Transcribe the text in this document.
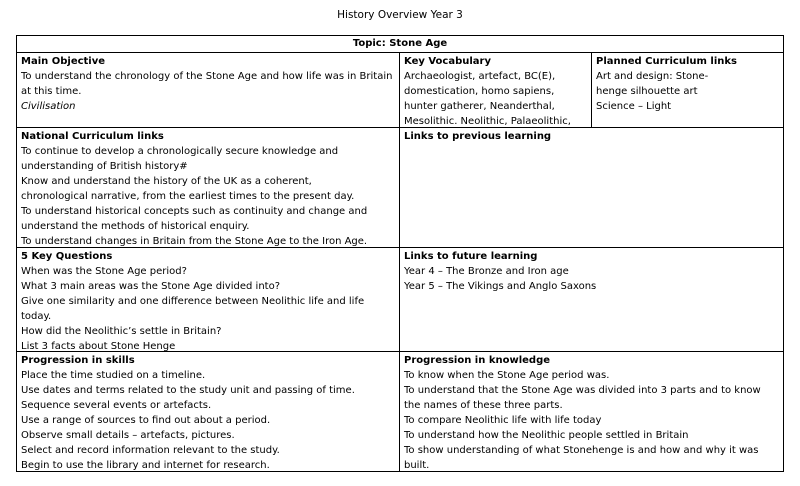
History Overview Year 3
Topic: Stone Age
Main Objective
To understand the chronology of the Stone Age and how life was in Britain at this time.
Civilisation
Key Vocabulary
Archaeologist, artefact, BC(E), domestication, homo sapiens, hunter gatherer, Neanderthal, Mesolithic. Neolithic, Palaeolithic,
Planned Curriculum links
Art and design: Stone-henge silhouette art
Science – Light
National Curriculum links
To continue to develop a chronologically secure knowledge and understanding of British history#
Know and understand the history of the UK as a coherent, chronological narrative, from the earliest times to the present day.
To understand historical concepts such as continuity and change and understand the methods of historical enquiry.
To understand changes in Britain from the Stone Age to the Iron Age.
Links to previous learning
5 Key Questions
When was the Stone Age period?
What 3 main areas was the Stone Age divided into?
Give one similarity and one difference between Neolithic life and life today.
How did the Neolithic’s settle in Britain?
List 3 facts about Stone Henge
Links to future learning
Year 4 – The Bronze and Iron age
Year 5 – The Vikings and Anglo Saxons
Progression in skills
Place the time studied on a timeline.
Use dates and terms related to the study unit and passing of time.
Sequence several events or artefacts.
Use a range of sources to find out about a period.
Observe small details – artefacts, pictures.
Select and record information relevant to the study.
Begin to use the library and internet for research.
Progression in knowledge
To know when the Stone Age period was.
To understand that the Stone Age was divided into 3 parts and to know the names of these three parts.
To compare Neolithic life with life today
To understand how the Neolithic people settled in Britain
To show understanding of what Stonehenge is and how and why it was built.
